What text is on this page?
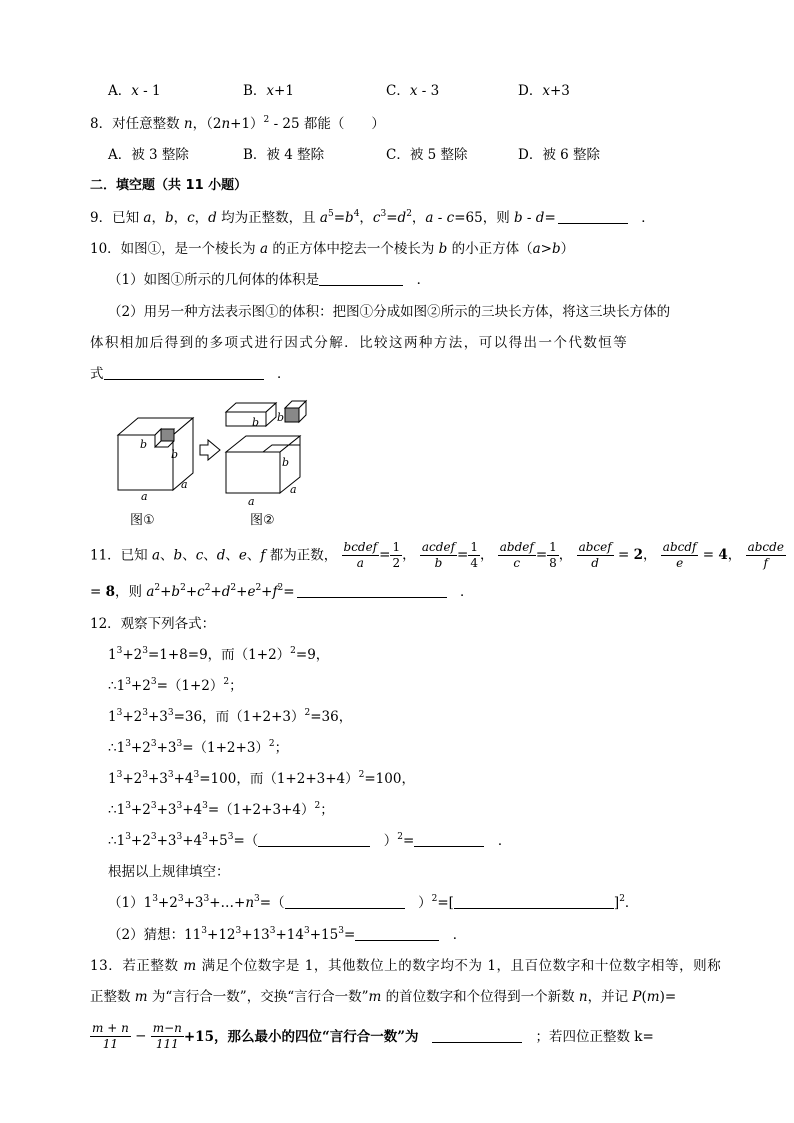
A．x - 1	B．x+1	C．x - 3	D．x+3
8．对任意整数 n，$(2n+1)^2 - 25$ 都能（　　）
A．被 3 整除	B．被 4 整除	C．被 5 整除	D．被 6 整除
二．填空题（共 11 小题）
9．已知 a，b，c，d 均为正整数，且 $a^5=b^4$，$c^3=d^2$，a - c=65，则 b - d=	　．
10．如图①，是一个棱长为 a 的正方体中挖去一个棱长为 b 的小正方体（a>b）
（1）如图①所示的几何体的体积是	　．
（2）用另一种方法表示图①的体积：把图①分成如图②所示的三块长方体，将这三块长方体的
体积相加后得到的多项式进行因式分解．比较这两种方法，可以得出一个代数恒等
式	　．
b
b
a
a
b b
b
a
a
图①	图②
11．已知 a、b、c、d、e、f 都为正数， $\frac{\text{bcdef}}{a} = \frac{1}{2}$ ， $\frac{\text{acdef}}{b} = \frac{1}{4}$ ， $\frac{\text{abdef}}{c} = \frac{1}{8}$ ， $\frac{\text{abcef}}{d} = 2$， $\frac{\text{abcdf}}{e} = 4$， $\frac{\text{abcde}}{f}$
= 8，则 $a^2+b^2+c^2+d^2+e^2+f^2=$	　．
12．观察下列各式：
$1^3+2^3=1+8=9$，而$(1+2)^2=9$，
$\therefore 1^3+2^3=(1+2)^2$；
$1^3+2^3+3^3=36$，而$(1+2+3)^2=36$，
$\therefore 1^3+2^3+3^3=(1+2+3)^2$；
$1^3+2^3+3^3+4^3=100$，而$(1+2+3+4)^2=100$，
$\therefore 1^3+2^3+3^3+4^3=(1+2+3+4)^2$；
$\therefore 1^3+2^3+3^3+4^3+5^3=$（	　）$^2$=	　．
根据以上规律填空：
$(1)1^3+2^3+3^3+\dots+n^3=$（	　）$^2$=[	]$^2$．
（2）猜想：$11^3+12^3+13^3+14^3+15^3=$	　．
13．若正整数 m 满足个位数字是 1，其他数位上的数字均不为 1，且百位数字和十位数字相等，则称
正整数 m 为“言行合一数”，交换“言行合一数”m 的首位数字和个位得到一个新数 n，并记 P(m)=
$\frac{m + n}{11} - \frac{m-n}{111} +15$，那么最小的四位“言行合一数”为　　	；若四位正整数 k=
